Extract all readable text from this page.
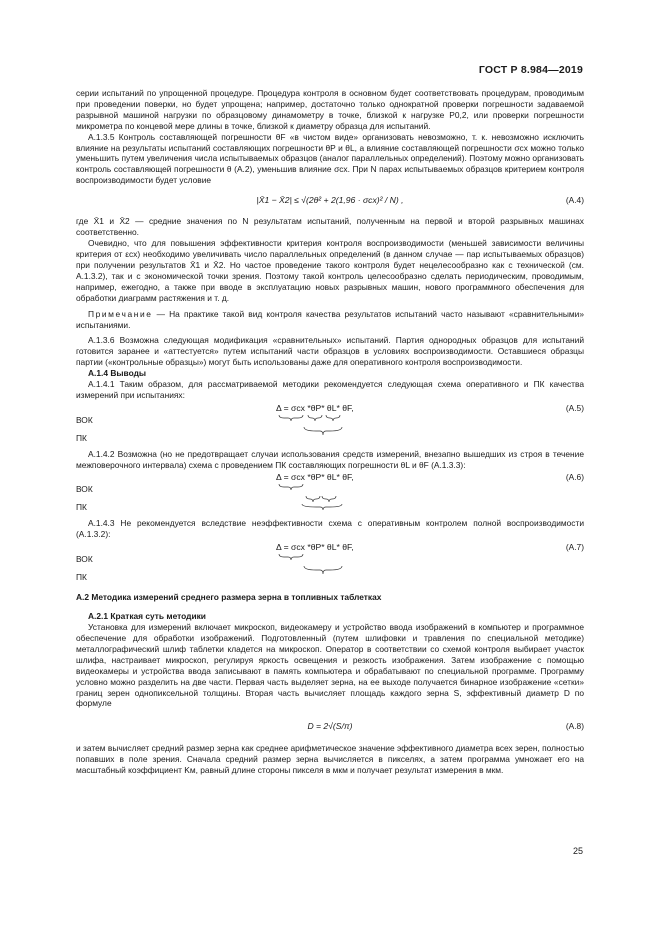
ГОСТ Р 8.984—2019

серии испытаний по упрощенной процедуре. Процедура контроля в основном будет соответствовать процедурам, проводимым при проведении поверки, но будет упрощена; например, достаточно только однократной проверки погрешности задаваемой разрывной машиной нагрузки по образцовому динамометру в точке, близкой к нагрузке P0,2, или проверки погрешности микрометра по концевой мере длины в точке, близкой к диаметру образца для испытаний.

А.1.3.5 Контроль составляющей погрешности θF «в чистом виде» организовать невозможно, т. к. невозможно исключить влияние на результаты испытаний составляющих погрешности θP и θL, а влияние составляющей погрешности σcx можно только уменьшить путем увеличения числа испытываемых образцов (аналог параллельных определений). Поэтому можно организовать контроль составляющей погрешности θ (А.2), уменьшив влияние σcx. При N парах испытываемых образцов критерием контроля воспроизводимости будет условие

|X̄1 − X̄2| ≤ √(2θ² + 2(1,96 · σcx)² / N) ,	(А.4)

где X̄1 и X̄2 — средние значения по N результатам испытаний, полученным на первой и второй разрывных машинах соответственно.

Очевидно, что для повышения эффективности критерия контроля воспроизводимости (меньшей зависимости величины критерия от εcx) необходимо увеличивать число параллельных определений (в данном случае — пар испытываемых образцов) при получении результатов X̄1 и X̄2. Но частое проведение такого контроля будет нецелесообразно как с технической (см. А.1.3.2), так и с экономической точки зрения. Поэтому такой контроль целесообразно сделать периодическим, проводимым, например, ежегодно, а также при вводе в эксплуатацию новых разрывных машин, нового программного обеспечения для обработки диаграмм растяжения и т. д.

Примечание — На практике такой вид контроля качества результатов испытаний часто называют «сравнительными» испытаниями.

А.1.3.6 Возможна следующая модификация «сравнительных» испытаний. Партия однородных образцов для испытаний готовится заранее и «аттестуется» путем испытаний части образцов в условиях воспроизводимости. Оставшиеся образцы партии («контрольные образцы») могут быть использованы даже для оперативного контроля воспроизводимости.

А.1.4 Выводы

А.1.4.1 Таким образом, для рассматриваемой методики рекомендуется следующая схема оперативного и ПК качества измерений при испытаниях:

Δ = σcx *θP* θL* θF,	(А.5)
ВОК
ПК

А.1.4.2 Возможна (но не предотвращает случаи использования средств измерений, внезапно вышедших из строя в течение межповерочного интервала) схема с проведением ПК составляющих погрешности θL и θF (А.1.3.3):

Δ = σcx *θP* θL* θF,	(А.6)
ВОК
ПК

А.1.4.3 Не рекомендуется вследствие неэффективности схема с оперативным контролем полной воспроизводимости (А.1.3.2):

Δ = σcx *θP* θL* θF,	(А.7)
ВОК
ПК

А.2 Методика измерений среднего размера зерна в топливных таблетках

А.2.1 Краткая суть методики

Установка для измерений включает микроскоп, видеокамеру и устройство ввода изображений в компьютер и программное обеспечение для обработки изображений. Подготовленный (путем шлифовки и травления по специальной методике) металлографический шлиф таблетки кладется на микроскоп. Оператор в соответствии со схемой контроля выбирает участок шлифа, настраивает микроскоп, регулируя яркость освещения и резкость изображения. Затем изображение с помощью видеокамеры и устройства ввода записывают в память компьютера и обрабатывают по специальной программе. Программу условно можно разделить на две части. Первая часть выделяет зерна, на ее выходе получается бинарное изображение «сетки» границ зерен однопиксельной толщины. Вторая часть вычисляет площадь каждого зерна S, эффективный диаметр D по формуле

D = 2√(S/π)	(А.8)

и затем вычисляет средний размер зерна как среднее арифметическое значение эффективного диаметра всех зерен, полностью попавших в поле зрения. Сначала средний размер зерна вычисляется в пикселях, а затем программа умножает его на масштабный коэффициент Kм, равный длине стороны пикселя в мкм и получает результат измерения в мкм.

25
